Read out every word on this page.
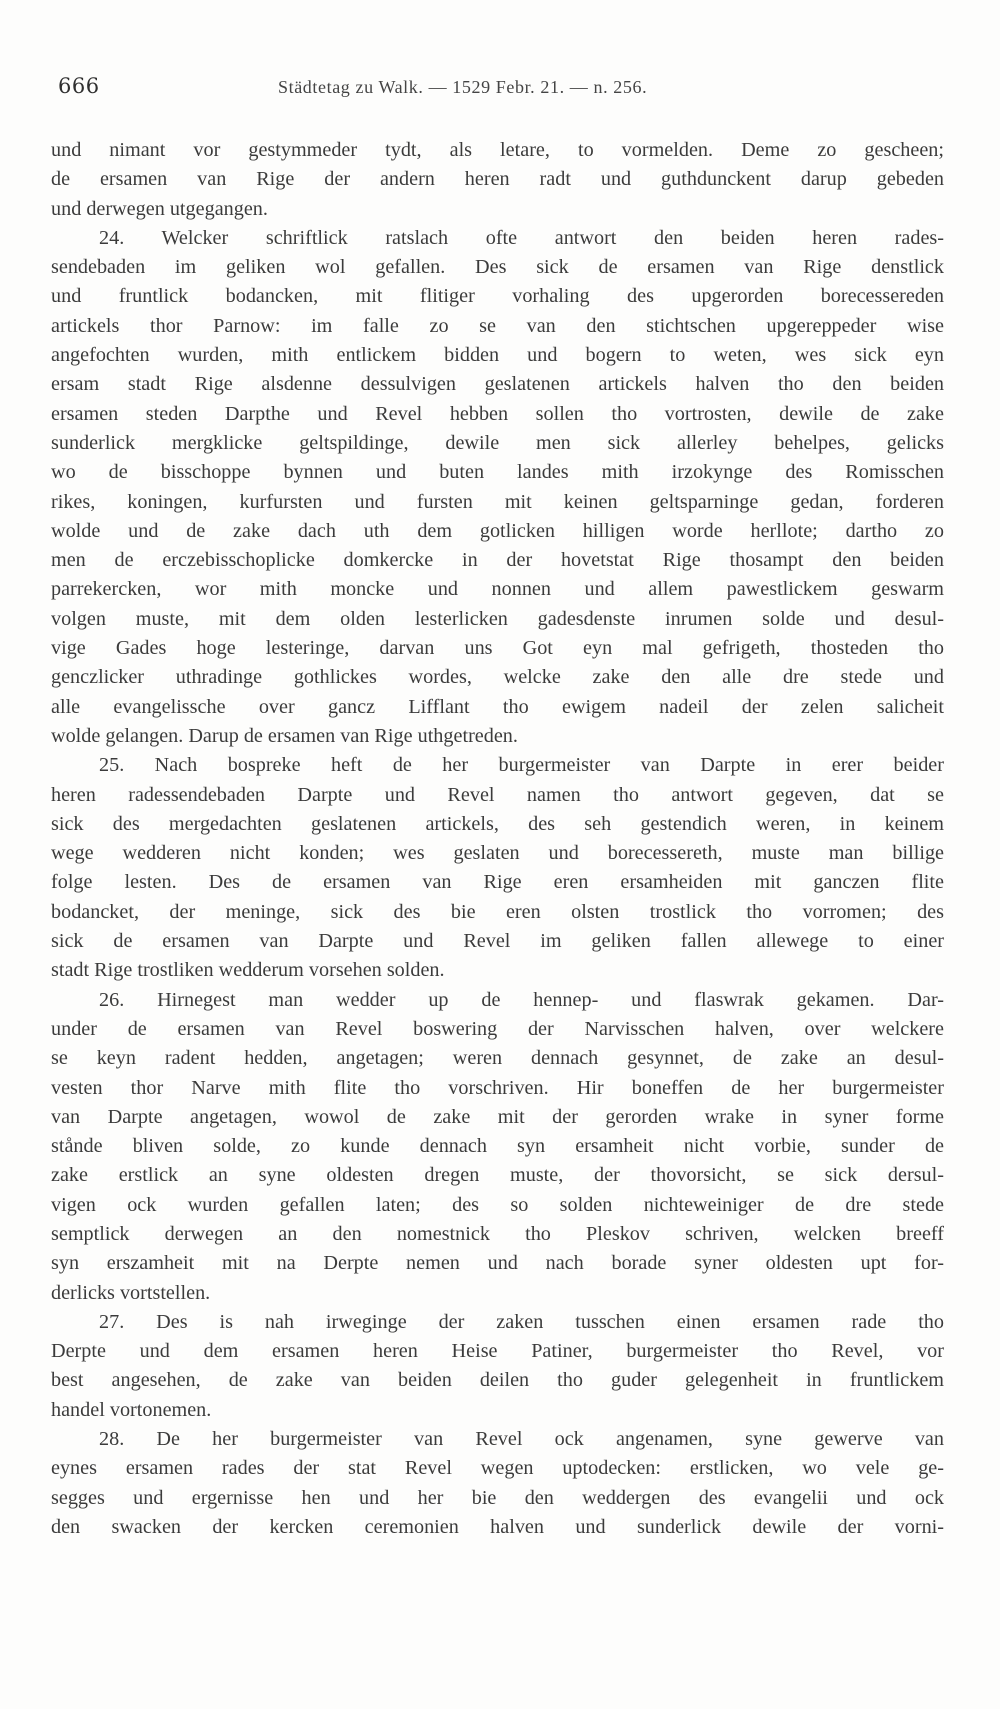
666	Städtetag zu Walk. — 1529 Febr. 21. — n. 256.
und nimant vor gestymmeder tydt, als letare, to vormelden. Deme zo gescheen;
de ersamen van Rige der andern heren radt und guthdunckent darup gebeden
und derwegen utgegangen.
24. Welcker schriftlick ratslach ofte antwort den beiden heren rades-
sendebaden im geliken wol gefallen. Des sick de ersamen van Rige denstlick
und fruntlick bodancken, mit flitiger vorhaling des upgerorden borecessereden
artickels thor Parnow: im falle zo se van den stichtschen upgereppeder wise
angefochten wurden, mith entlickem bidden und bogern to weten, wes sick eyn
ersam stadt Rige alsdenne dessulvigen geslatenen artickels halven tho den beiden
ersamen steden Darpthe und Revel hebben sollen tho vortrosten, dewile de zake
sunderlick mergklicke geltspildinge, dewile men sick allerley behelpes, gelicks
wo de bisschoppe bynnen und buten landes mith irzokynge des Romisschen
rikes, koningen, kurfursten und fursten mit keinen geltsparninge gedan, forderen
wolde und de zake dach uth dem gotlicken hilligen worde herllote; dartho zo
men de erczebisschoplicke domkercke in der hovetstat Rige thosampt den beiden
parrekercken, wor mith moncke und nonnen und allem pawestlickem geswarm
volgen muste, mit dem olden lesterlicken gadesdenste inrumen solde und desul-
vige Gades hoge lesteringe, darvan uns Got eyn mal gefrigeth, thosteden tho
genczlicker uthradinge gothlickes wordes, welcke zake den alle dre stede und
alle evangelissche over gancz Lifflant tho ewigem nadeil der zelen salicheit
wolde gelangen. Darup de ersamen van Rige uthgetreden.
25. Nach bospreke heft de her burgermeister van Darpte in erer beider
heren radessendebaden Darpte und Revel namen tho antwort gegeven, dat se
sick des mergedachten geslatenen artickels, des seh gestendich weren, in keinem
wege wedderen nicht konden; wes geslaten und borecessereth, muste man billige
folge lesten. Des de ersamen van Rige eren ersamheiden mit ganczen flite
bodancket, der meninge, sick des bie eren olsten trostlick tho vorromen; des
sick de ersamen van Darpte und Revel im geliken fallen allewege to einer
stadt Rige trostliken wedderum vorsehen solden.
26. Hirnegest man wedder up de hennep- und flaswrak gekamen. Dar-
under de ersamen van Revel boswering der Narvisschen halven, over welckere
se keyn radent hedden, angetagen; weren dennach gesynnet, de zake an desul-
vesten thor Narve mith flite tho vorschriven. Hir boneffen de her burgermeister
van Darpte angetagen, wowol de zake mit der gerorden wrake in syner forme
stånde bliven solde, zo kunde dennach syn ersamheit nicht vorbie, sunder de
zake erstlick an syne oldesten dregen muste, der thovorsicht, se sick dersul-
vigen ock wurden gefallen laten; des so solden nichteweiniger de dre stede
semptlick derwegen an den nomestnick tho Pleskov schriven, welcken breeff
syn erszamheit mit na Derpte nemen und nach borade syner oldesten upt for-
derlicks vortstellen.
27. Des is nah irweginge der zaken tusschen einen ersamen rade tho
Derpte und dem ersamen heren Heise Patiner, burgermeister tho Revel, vor
best angesehen, de zake van beiden deilen tho guder gelegenheit in fruntlickem
handel vortonemen.
28. De her burgermeister van Revel ock angenamen, syne gewerve van
eynes ersamen rades der stat Revel wegen uptodecken: erstlicken, wo vele ge-
segges und ergernisse hen und her bie den weddergen des evangelii und ock
den swacken der kercken ceremonien halven und sunderlick dewile der vorni-
